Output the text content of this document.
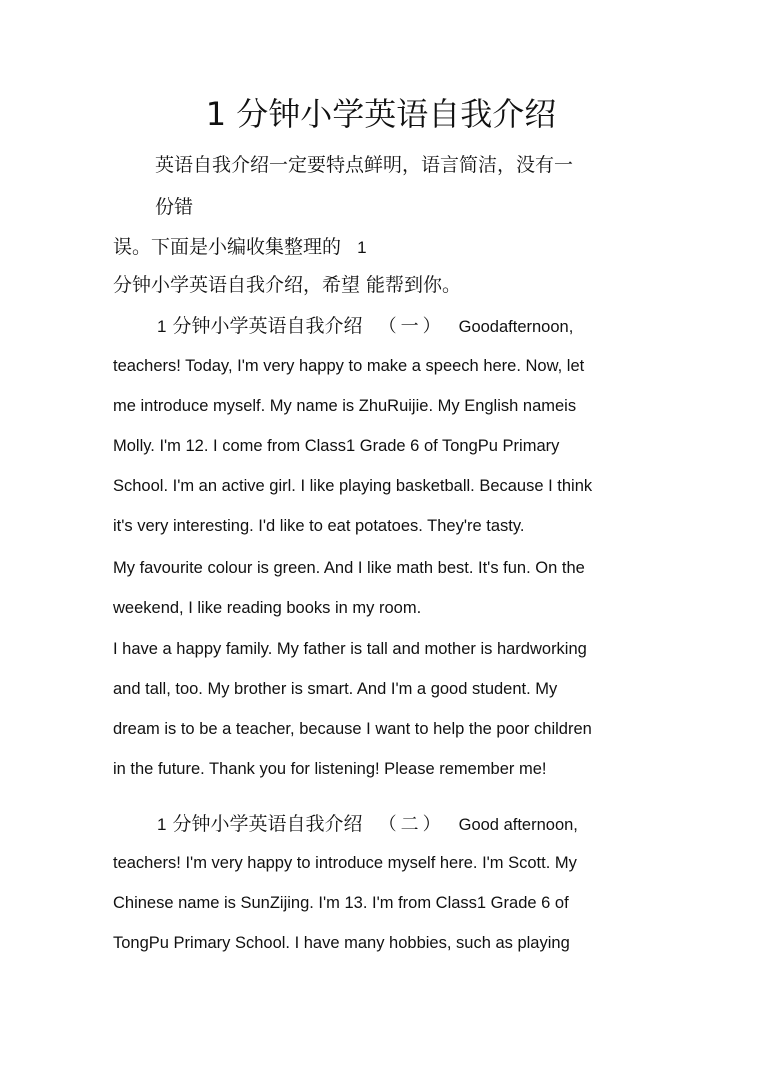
1 分钟小学英语自我介绍
英语自我介绍一定要特点鲜明，语言简洁，没有一
份错
误。下面是小编收集整理的 1
分钟小学英语自我介绍，希望 能帮到你。
1 分钟小学英语自我介绍 （一） Goodafternoon,
teachers! Today, I'm very happy to make a speech here. Now, let
me introduce myself. My name is ZhuRuijie. My English nameis
Molly. I'm 12. I come from Class1 Grade 6 of TongPu Primary
School. I'm an active girl. I like playing basketball. Because I think
it's very interesting. I'd like to eat potatoes. They're tasty.
My favourite colour is green. And I like math best. It's fun. On the
weekend, I like reading books in my room.
I have a happy family. My father is tall and mother is hardworking
and tall, too. My brother is smart. And I'm a good student. My
dream is to be a teacher, because I want to help the poor children
in the future. Thank you for listening! Please remember me!
1 分钟小学英语自我介绍 （二） Good afternoon,
teachers! I'm very happy to introduce myself here. I'm Scott. My
Chinese name is SunZijing. I'm 13. I'm from Class1 Grade 6 of
TongPu Primary School. I have many hobbies, such as playing
